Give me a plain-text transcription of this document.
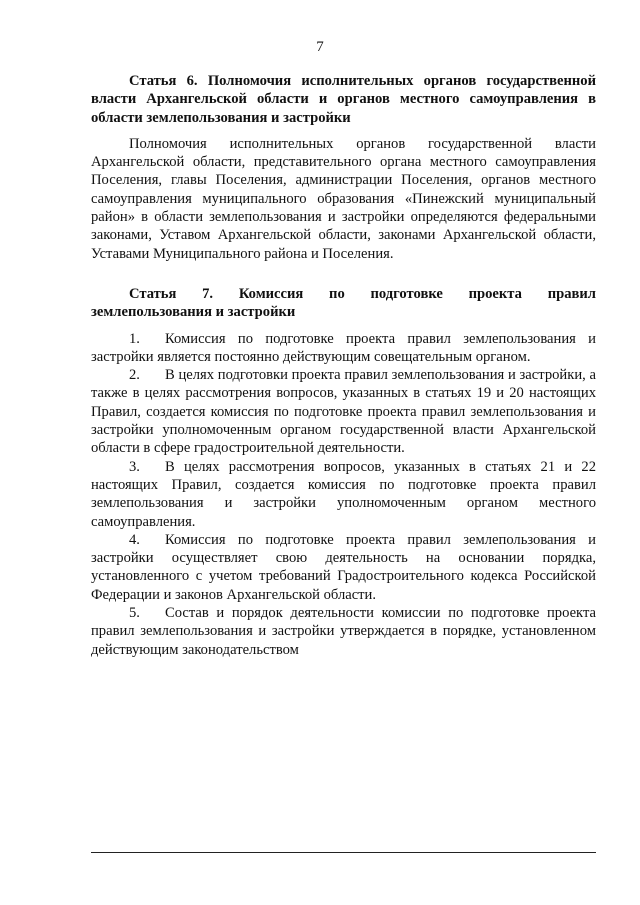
7

Статья 6. Полномочия исполнительных органов государственной власти Архангельской области и органов местного самоуправления в области землепользования и застройки

Полномочия исполнительных органов государственной власти Архангельской области, представительного органа местного самоуправления Поселения, главы Поселения, администрации Поселения, органов местного самоуправления муниципального образования «Пинежский муниципальный район» в области землепользования и застройки определяются федеральными законами, Уставом Архангельской области, законами Архангельской области, Уставами Муниципального района и Поселения.

Статья 7. Комиссия по подготовке проекта правил

землепользования и застройки

1. Комиссия по подготовке проекта правил землепользования и застройки является постоянно действующим совещательным органом.

2. В целях подготовки проекта правил землепользования и застройки, а также в целях рассмотрения вопросов, указанных в статьях 19 и 20 настоящих Правил, создается комиссия по подготовке проекта правил землепользования и застройки уполномоченным органом государственной власти Архангельской области в сфере градостроительной деятельности.

3. В целях рассмотрения вопросов, указанных в статьях 21 и 22 настоящих Правил, создается комиссия по подготовке проекта правил землепользования и застройки уполномоченным органом местного самоуправления.

4. Комиссия по подготовке проекта правил землепользования и застройки осуществляет свою деятельность на основании порядка, установленного с учетом требований Градостроительного кодекса Российской Федерации и законов Архангельской области.

5. Состав и порядок деятельности комиссии по подготовке проекта правил землепользования и застройки утверждается в порядке, установленном действующим законодательством
